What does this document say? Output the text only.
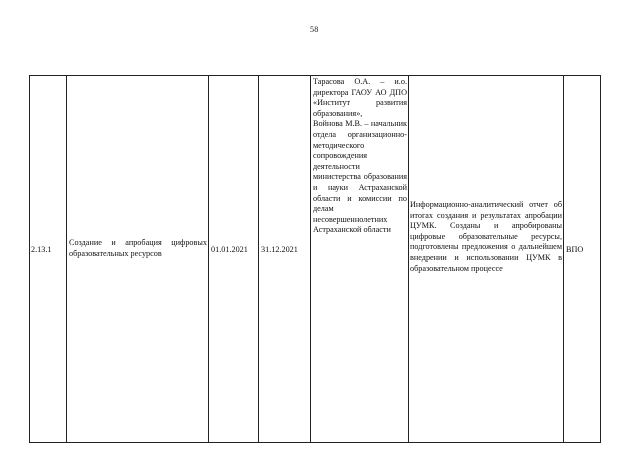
58
2.13.1
Создание и апробация цифровых образовательных ресурсов	01.01.2021	31.12.2021
Тарасова О.А. – и.о. директора ГАОУ АО ДПО «Институт развития образования»,
Войнова М.В. – начальник отдела организационно-методического сопровождения деятельности министерства образования и науки Астраханской области и комиссии по делам несовершеннолетних Астраханской области
Информационно-аналитический отчет об итогах создания и результатах апробации ЦУМК. Созданы и апробированы цифровые образовательные ресурсы, подготовлены предложения о дальнейшем внедрении и использовании ЦУМК в образовательном процессе
ВПО
